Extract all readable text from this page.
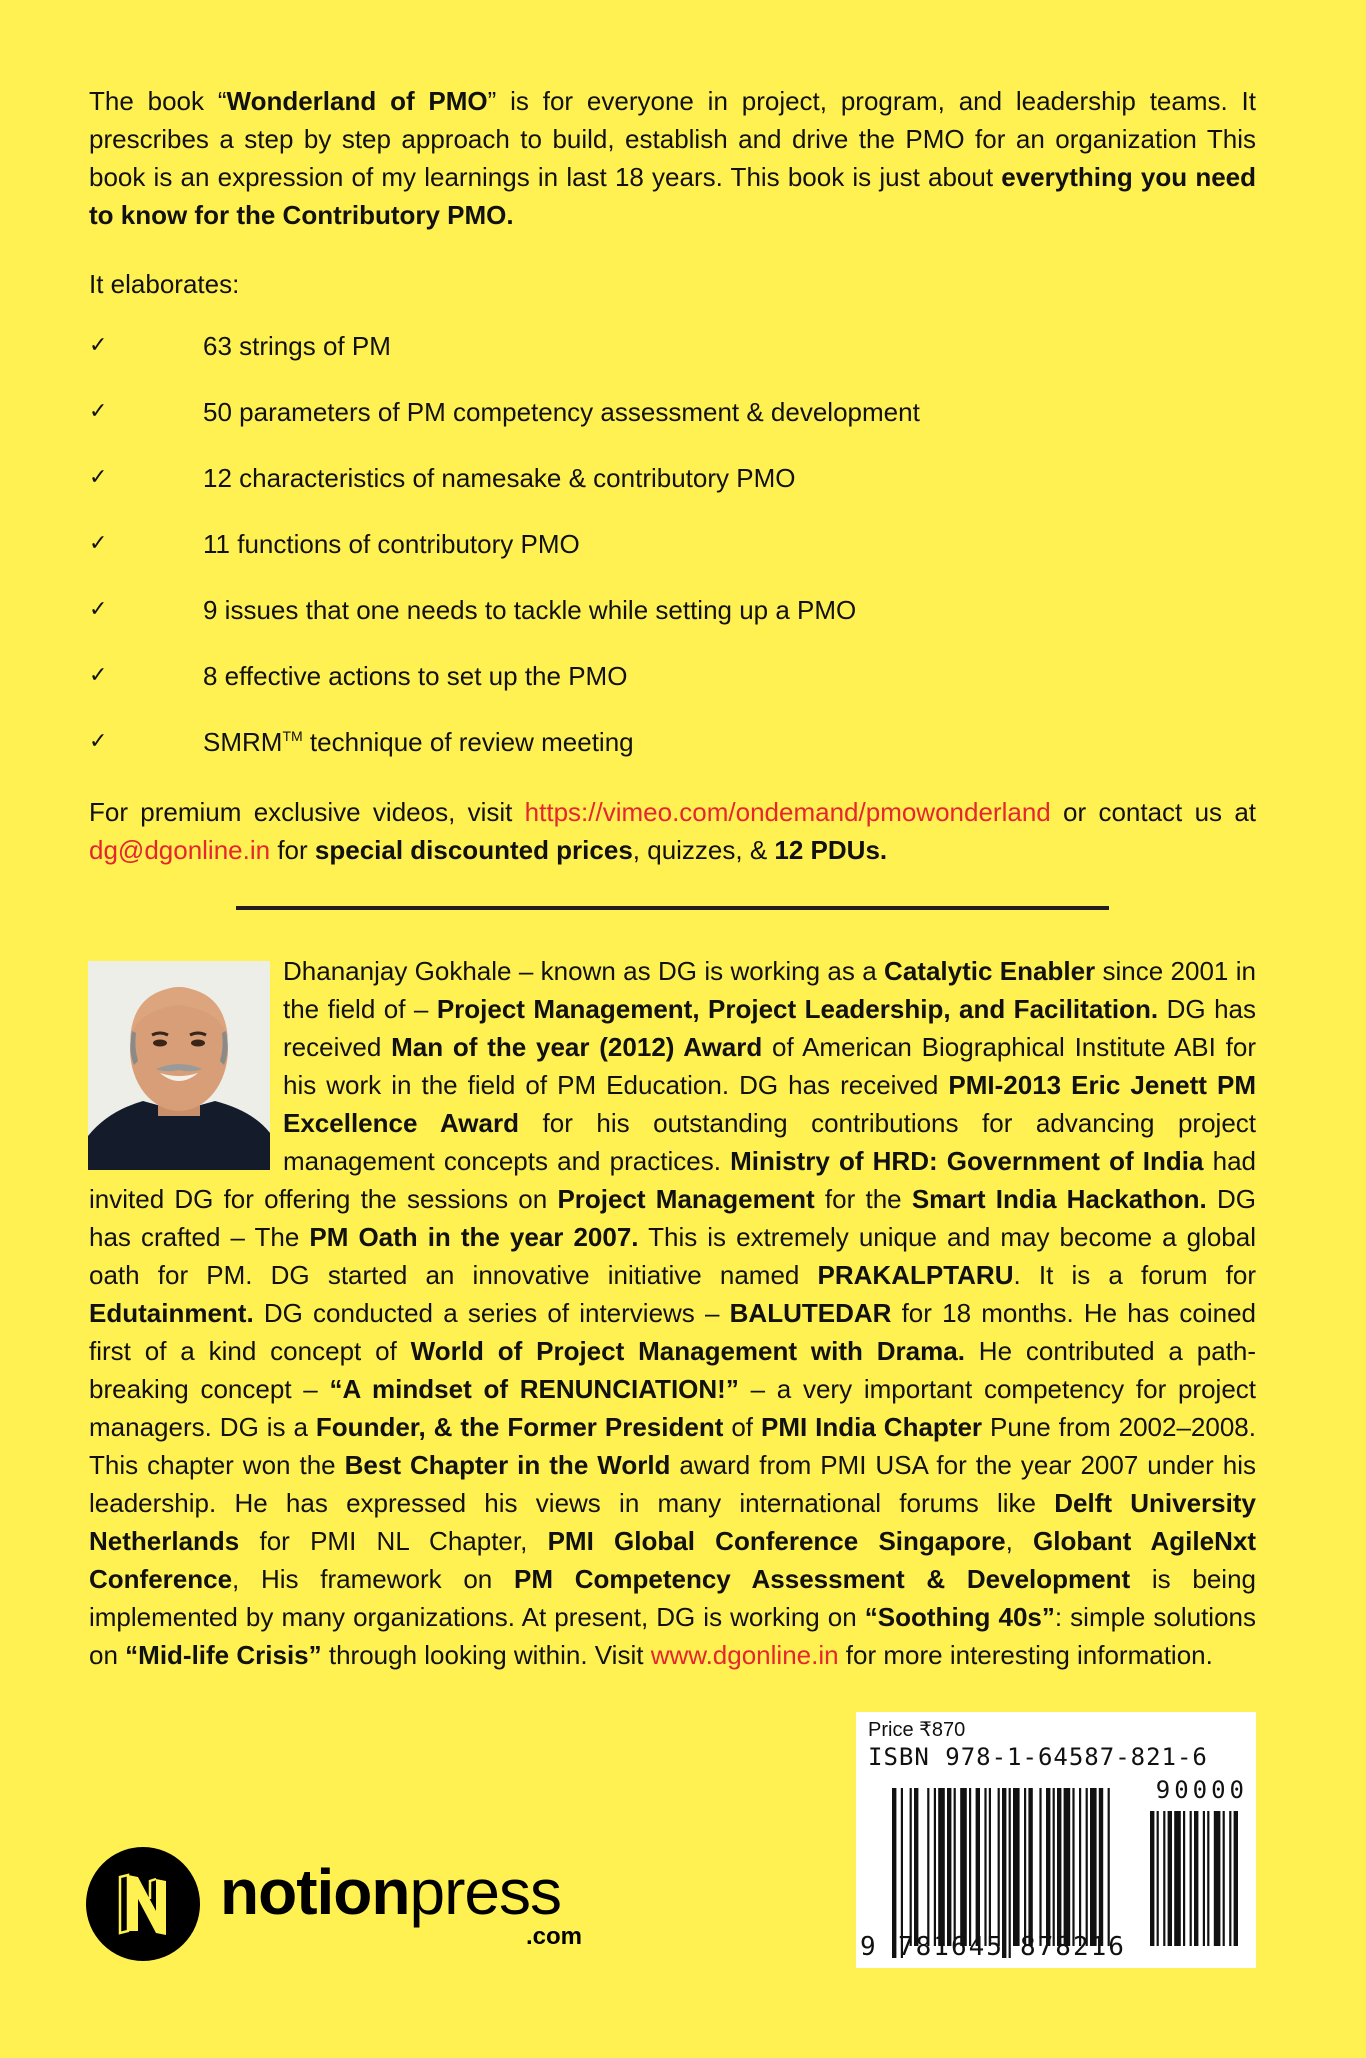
The book “Wonderland of PMO” is for everyone in project, program, and leadership teams. It prescribes a step by step approach to build, establish and drive the PMO for an organization This book is an expression of my learnings in last 18 years. This book is just about everything you need to know for the Contributory PMO.
It elaborates:
✓	63 strings of PM
✓	50 parameters of PM competency assessment & development
✓	12 characteristics of namesake & contributory PMO
✓	11 functions of contributory PMO
✓	9 issues that one needs to tackle while setting up a PMO
✓	8 effective actions to set up the PMO
✓	SMRM™ technique of review meeting
For premium exclusive videos, visit https://vimeo.com/ondemand/pmowonderland or contact us at dg@dgonline.in for special discounted prices, quizzes, & 12 PDUs.
Dhananjay Gokhale – known as DG is working as a Catalytic Enabler since 2001 in the field of – Project Management, Project Leadership, and Facilitation. DG has received Man of the year (2012) Award of American Biographical Institute ABI for his work in the field of PM Education. DG has received PMI-2013 Eric Jenett PM Excellence Award for his outstanding contributions for advancing project management concepts and practices. Ministry of HRD: Government of India had invited DG for offering the sessions on Project Management for the Smart India Hackathon. DG has crafted – The PM Oath in the year 2007. This is extremely unique and may become a global oath for PM. DG started an innovative initiative named PRAKALPTARU. It is a forum for Edutainment. DG conducted a series of interviews – BALUTEDAR for 18 months. He has coined first of a kind concept of World of Project Management with Drama. He contributed a path-breaking concept – “A mindset of RENUNCIATION!” – a very important competency for project managers. DG is a Founder, & the Former President of PMI India Chapter Pune from 2002–2008. This chapter won the Best Chapter in the World award from PMI USA for the year 2007 under his leadership. He has expressed his views in many international forums like Delft University Netherlands for PMI NL Chapter, PMI Global Conference Singapore, Globant AgileNxt Conference, His framework on PM Competency Assessment & Development is being implemented by many organizations. At present, DG is working on “Soothing 40s”: simple solutions on “Mid-life Crisis” through looking within. Visit www.dgonline.in for more interesting information.
Price ₹870
ISBN 978-1-64587-821-6
90000
9 781645 878216
notionpress
.com
